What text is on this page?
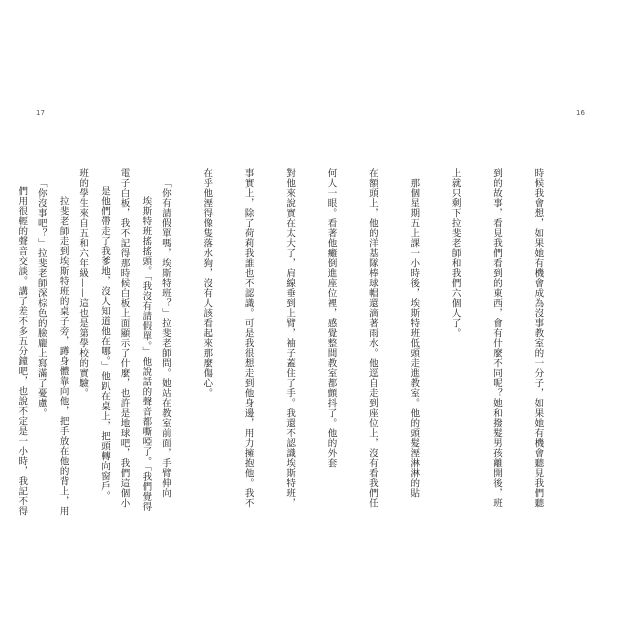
17	16

時候我會想，如果她有機會成為沒事教室的一分子，如果她有機會聽見我們聽

到的故事，看見我們看到的東西，會有什麼不同呢？她和撥髮男孩離開後，班

上就只剩下拉斐老師和我們六個人了。

那個星期五上課一小時後，埃斯特班低頭走進教室。他的頭髮溼淋淋的貼

在額頭上，他的洋基隊棒球帽還滴著雨水。他逕自走到座位上，沒有看我們任

何人一眼。看著他癱倒進座位裡，感覺整間教室都顫抖了。他的外套

對他來說實在太大了，肩線垂到上臂，袖子蓋住了手。我還不認識埃斯特班，

事實上，除了荷莉我誰也不認識。可是我很想走到他身邊，用力擁抱他。我不

在乎他溼得像隻落水狗，沒有人該看起來那麼傷心。

「你有請假單嗎，埃斯特班？」拉斐老師問。她站在教室前面，手臂伸向

電子白板，我不記得那時候白板上面顯示了什麼，也許是地球吧，我們這個小

班的學生來自五和六年級——這也是第學校的實驗。

「你沒事吧？」拉斐老師深棕色的臉龐上寫滿了憂慮。

	埃斯特班搖搖頭。「我沒有請假單。」他說話的聲音都嘶啞了。「我們覺得

是他們帶走了我爹地，沒人知道他在哪。」他趴在桌上，把頭轉向窗戶。

拉斐老師走到埃斯特班的桌子旁，蹲身體靠向他，把手放在他的背上，用

們用很輕的聲音交談。講了差不多五分鐘吧，也說不定是一小時，我記不得
